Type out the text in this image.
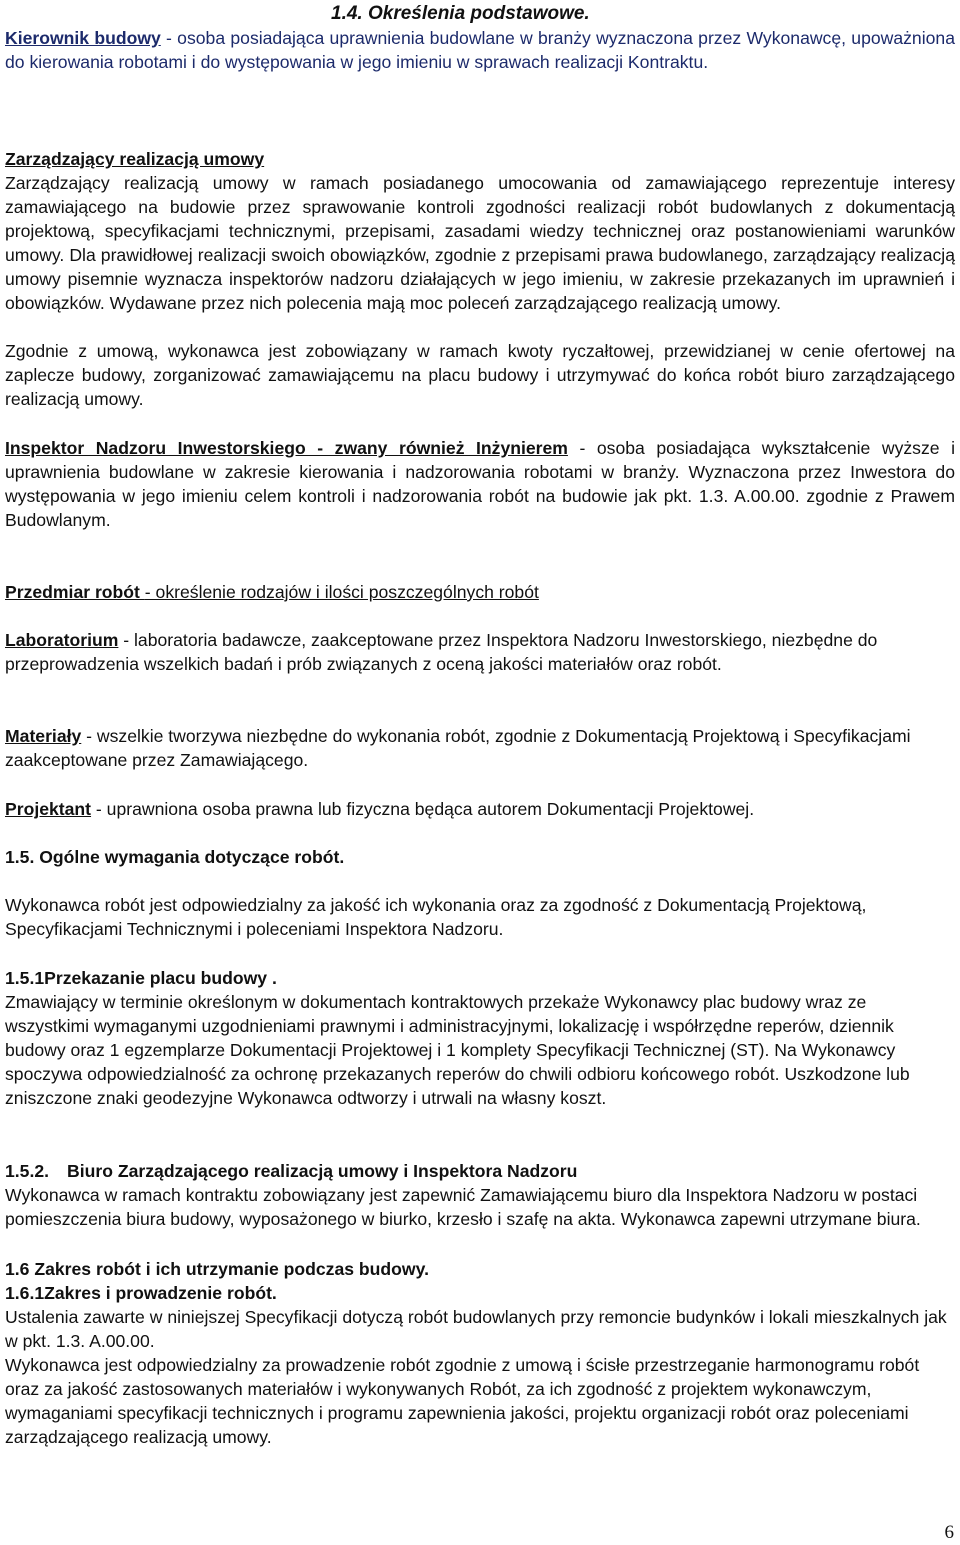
1.4. Określenia podstawowe.

Kierownik budowy - osoba posiadająca uprawnienia budowlane w branży wyznaczona przez Wykonawcę, upoważniona do kierowania robotami i do występowania w jego imieniu w sprawach realizacji Kontraktu.

Zarządzający realizacją umowy

Zarządzający realizacją umowy w ramach posiadanego umocowania od zamawiającego reprezentuje interesy zamawiającego na budowie przez sprawowanie kontroli zgodności realizacji robót budowlanych z dokumentacją projektową, specyfikacjami technicznymi, przepisami, zasadami wiedzy technicznej oraz postanowieniami warunków umowy. Dla prawidłowej realizacji swoich obowiązków, zgodnie z przepisami prawa budowlanego, zarządzający realizacją umowy pisemnie wyznacza inspektorów nadzoru działających w jego imieniu, w zakresie przekazanych im uprawnień i obowiązków. Wydawane przez nich polecenia mają moc poleceń zarządzającego realizacją umowy.

Zgodnie z umową, wykonawca jest zobowiązany w ramach kwoty ryczałtowej, przewidzianej w cenie ofertowej na zaplecze budowy, zorganizować zamawiającemu na placu budowy i utrzymywać do końca robót biuro zarządzającego realizacją umowy.

Inspektor Nadzoru Inwestorskiego - zwany również Inżynierem - osoba posiadająca wykształcenie wyższe i uprawnienia budowlane w zakresie kierowania i nadzorowania robotami w branży. Wyznaczona przez Inwestora do występowania w jego imieniu celem kontroli i nadzorowania robót na budowie jak pkt. 1.3. A.00.00. zgodnie z Prawem Budowlanym.

Przedmiar robót - określenie rodzajów i ilości poszczególnych robót

Laboratorium - laboratoria badawcze, zaakceptowane przez Inspektora Nadzoru Inwestorskiego, niezbędne do przeprowadzenia wszelkich badań i prób związanych z oceną jakości materiałów oraz robót.

Materiały - wszelkie tworzywa niezbędne do wykonania robót, zgodnie z Dokumentacją Projektową i Specyfikacjami zaakceptowane przez Zamawiającego.

Projektant - uprawniona osoba prawna lub fizyczna będąca autorem Dokumentacji Projektowej.

1.5. Ogólne wymagania dotyczące robót.

Wykonawca robót jest odpowiedzialny za jakość ich wykonania oraz za zgodność z Dokumentacją Projektową, Specyfikacjami Technicznymi i poleceniami Inspektora Nadzoru.

1.5.1Przekazanie placu budowy .

Zmawiający w terminie określonym w dokumentach kontraktowych przekaże Wykonawcy plac budowy wraz ze wszystkimi wymaganymi uzgodnieniami prawnymi i administracyjnymi, lokalizację i współrzędne reperów, dziennik budowy oraz 1 egzemplarze Dokumentacji Projektowej i 1 komplety Specyfikacji Technicznej (ST). Na Wykonawcy spoczywa odpowiedzialność za ochronę przekazanych reperów do chwili odbioru końcowego robót. Uszkodzone lub zniszczone znaki geodezyjne Wykonawca odtworzy i utrwali na własny koszt.

1.5.2. Biuro Zarządzającego realizacją umowy i Inspektora Nadzoru

Wykonawca w ramach kontraktu zobowiązany jest zapewnić Zamawiającemu biuro dla Inspektora Nadzoru w postaci pomieszczenia biura budowy, wyposażonego w biurko, krzesło i szafę na akta. Wykonawca zapewni utrzymane biura.

1.6 Zakres robót i ich utrzymanie podczas budowy.

1.6.1Zakres i prowadzenie robót.

Ustalenia zawarte w niniejszej Specyfikacji dotyczą robót budowlanych przy remoncie budynków i lokali mieszkalnych jak w pkt. 1.3. A.00.00.

Wykonawca jest odpowiedzialny za prowadzenie robót zgodnie z umową i ścisłe przestrzeganie harmonogramu robót oraz za jakość zastosowanych materiałów i wykonywanych Robót, za ich zgodność z projektem wykonawczym, wymaganiami specyfikacji technicznych i programu zapewnienia jakości, projektu organizacji robót oraz poleceniami zarządzającego realizacją umowy.

6
